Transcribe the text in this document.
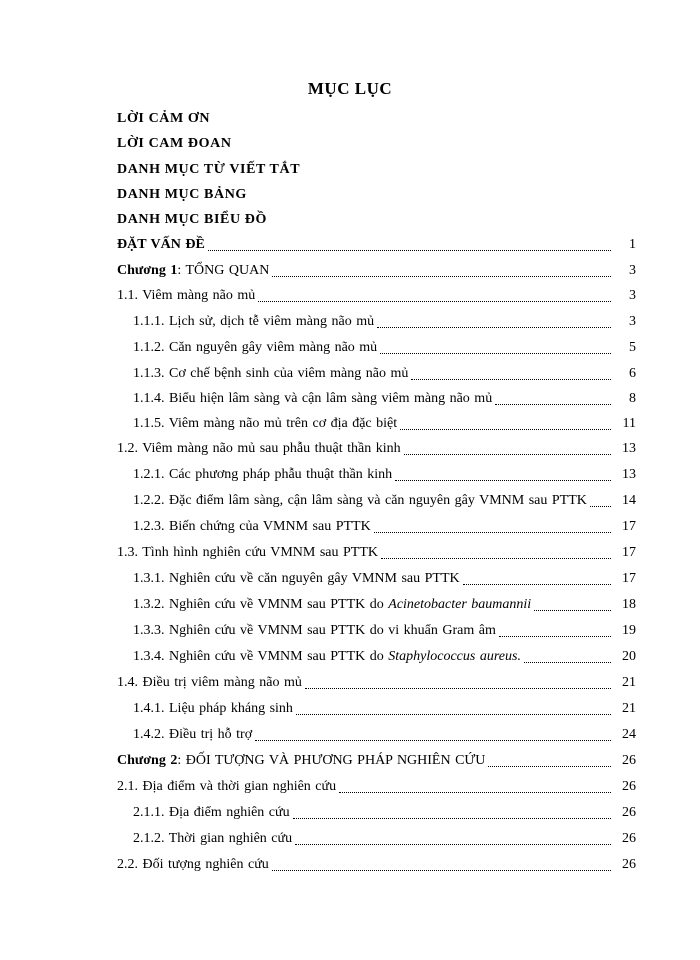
MỤC LỤC
LỜI CẢM ƠN
LỜI CAM ĐOAN
DANH MỤC TỪ VIẾT TẮT
DANH MỤC BẢNG
DANH MỤC BIỂU ĐỒ
ĐẶT VẤN ĐỀ	1
Chương 1: TỔNG QUAN	3
1.1. Viêm màng não mủ	3
1.1.1. Lịch sử, dịch tễ viêm màng não mủ	3
1.1.2. Căn nguyên gây viêm màng não mủ	5
1.1.3. Cơ chế bệnh sinh của viêm màng não mủ	6
1.1.4. Biểu hiện lâm sàng và cận lâm sàng viêm màng não mủ	8
1.1.5. Viêm màng não mủ trên cơ địa đặc biệt	11
1.2. Viêm màng não mủ sau phẫu thuật thần kinh	13
1.2.1. Các phương pháp phẫu thuật thần kinh	13
1.2.2. Đặc điểm lâm sàng, cận lâm sàng và căn nguyên gây VMNM sau PTTK	14
1.2.3. Biến chứng của VMNM sau PTTK	17
1.3. Tình hình nghiên cứu VMNM sau PTTK	17
1.3.1. Nghiên cứu về căn nguyên gây VMNM sau PTTK	17
1.3.2. Nghiên cứu về VMNM sau PTTK do Acinetobacter baumannii	18
1.3.3. Nghiên cứu về VMNM sau PTTK do vi khuẩn Gram âm	19
1.3.4. Nghiên cứu về VMNM sau PTTK do Staphylococcus aureus.	20
1.4. Điều trị viêm màng não mủ	21
1.4.1. Liệu pháp kháng sinh	21
1.4.2. Điều trị hỗ trợ	24
Chương 2: ĐỐI TƯỢNG VÀ PHƯƠNG PHÁP NGHIÊN CỨU	26
2.1. Địa điểm và thời gian nghiên cứu	26
2.1.1. Địa điểm nghiên cứu	26
2.1.2. Thời gian nghiên cứu	26
2.2. Đối tượng nghiên cứu	26
